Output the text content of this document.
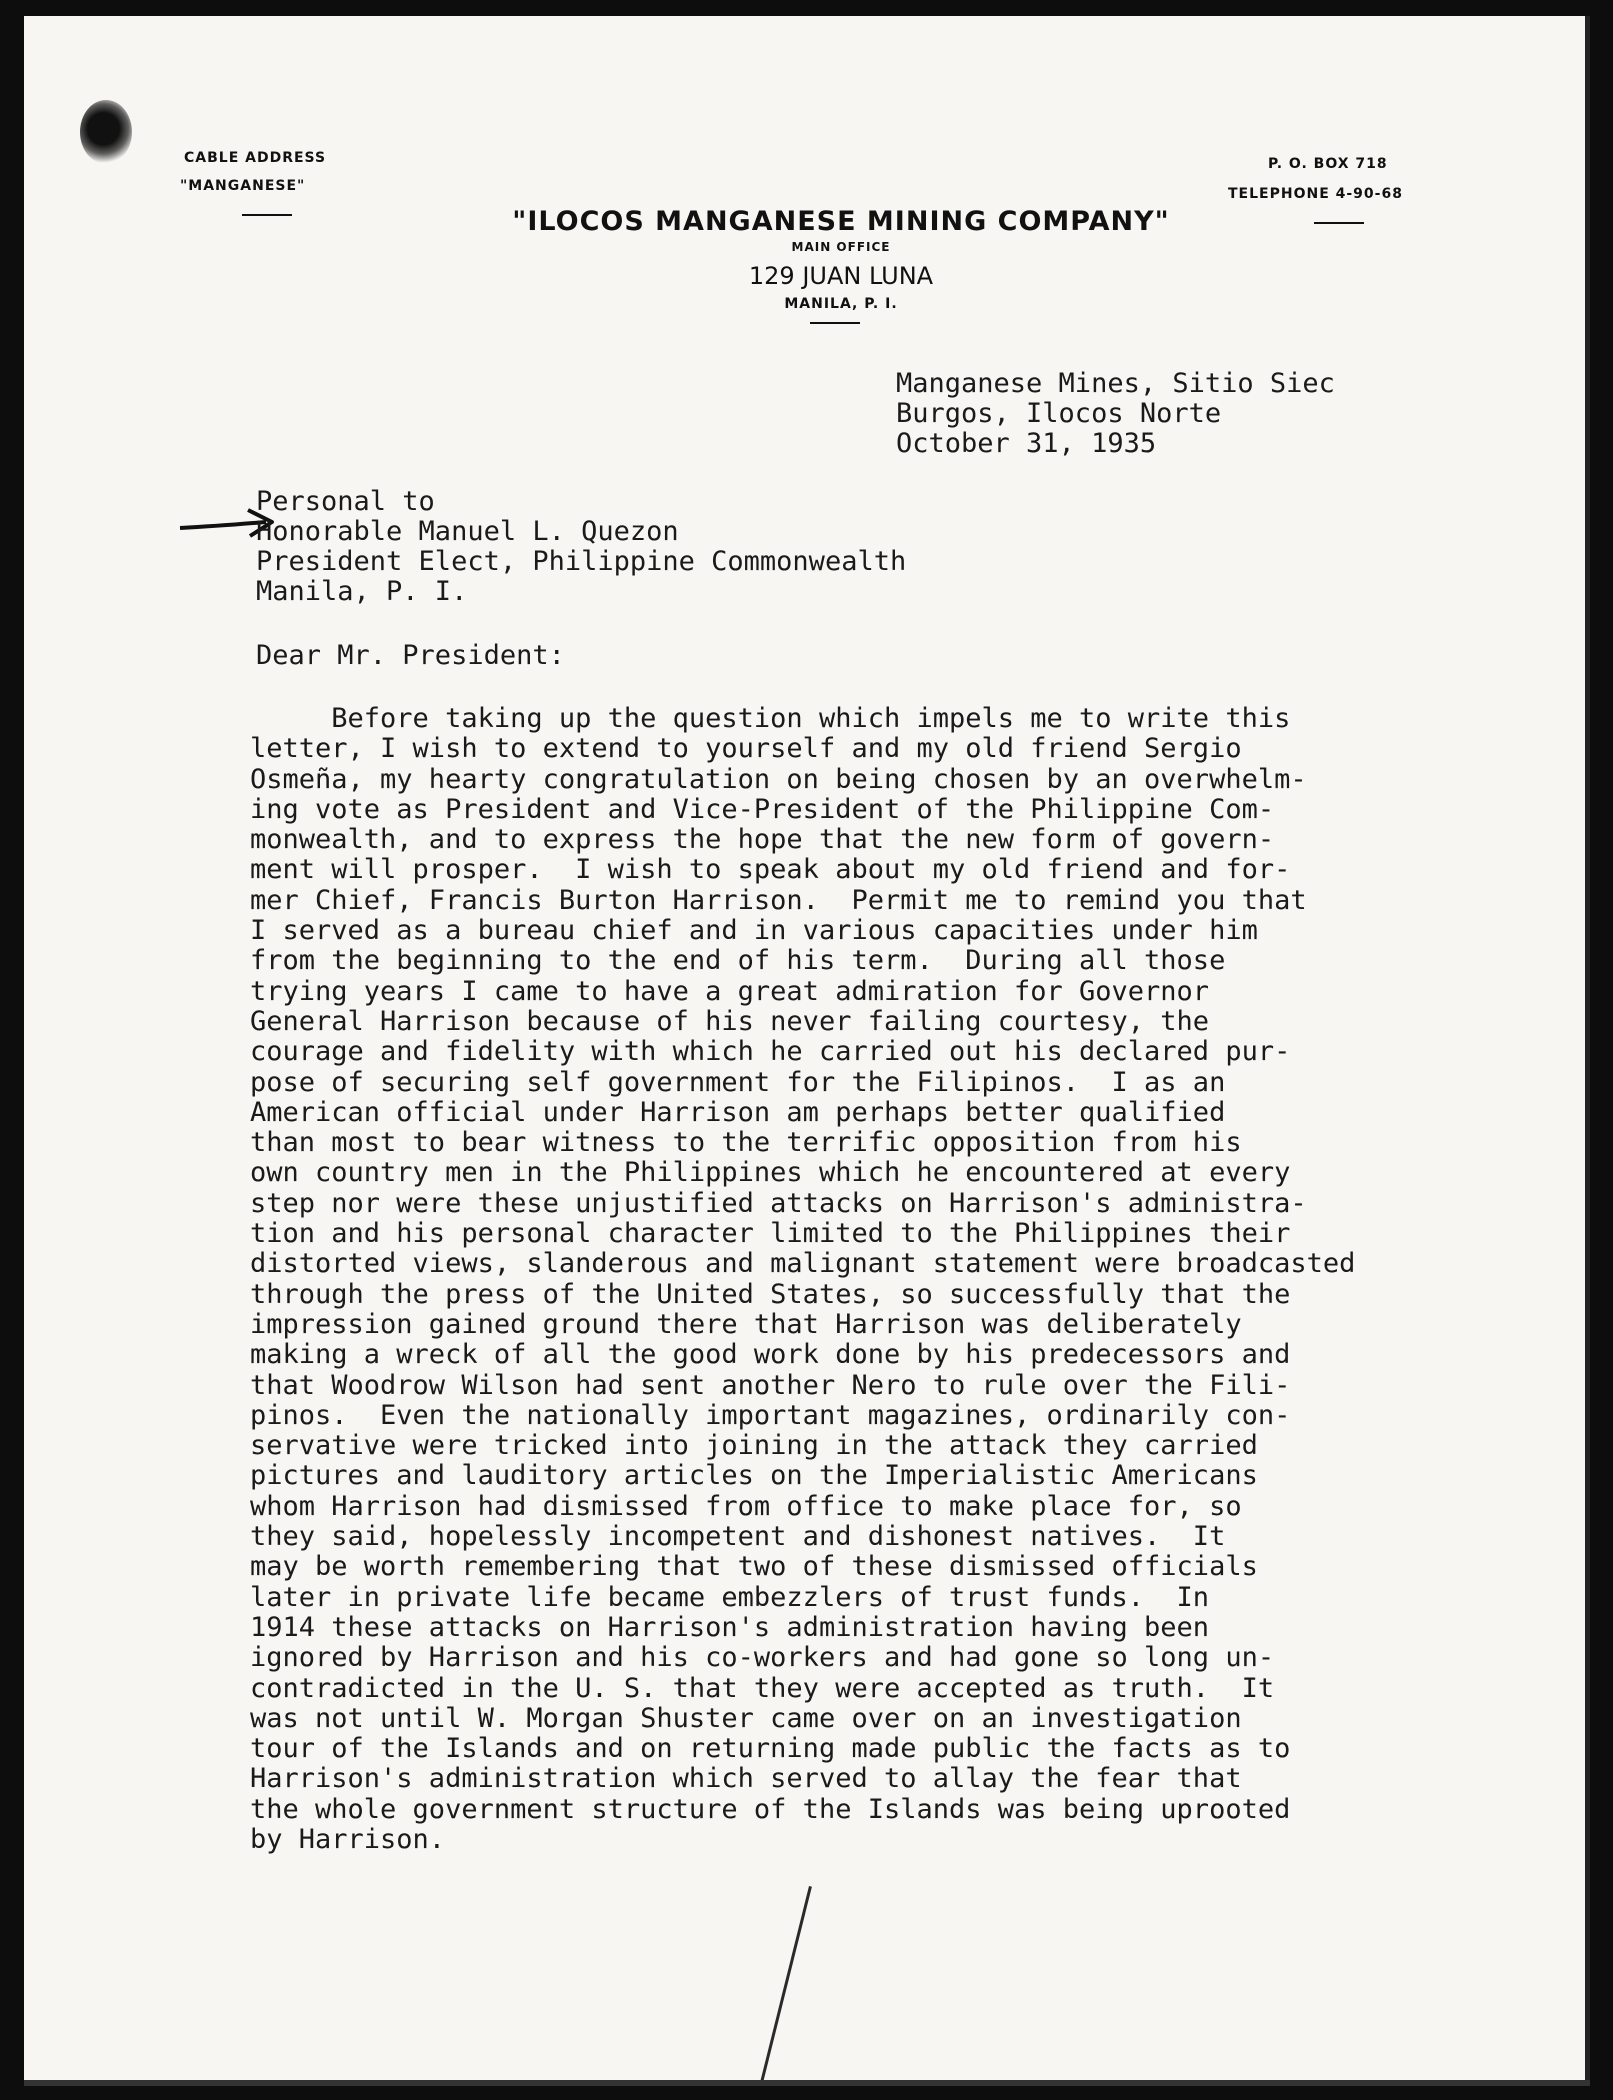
CABLE ADDRESS
"MANGANESE"
"ILOCOS MANGANESE MINING COMPANY"
MAIN OFFICE
129 JUAN LUNA
MANILA, P. I.
P. O. BOX 718
TELEPHONE 4-90-68
Manganese Mines, Sitio Siec
Burgos, Ilocos Norte
October 31, 1935
Personal to
Honorable Manuel L. Quezon
President Elect, Philippine Commonwealth
Manila, P. I.
Dear Mr. President:
Before taking up the question which impels me to write this
letter, I wish to extend to yourself and my old friend Sergio
Osmeña, my hearty congratulation on being chosen by an overwhelm-
ing vote as President and Vice-President of the Philippine Com-
monwealth, and to express the hope that the new form of govern-
ment will prosper.  I wish to speak about my old friend and for-
mer Chief, Francis Burton Harrison.  Permit me to remind you that
I served as a bureau chief and in various capacities under him
from the beginning to the end of his term.  During all those
trying years I came to have a great admiration for Governor
General Harrison because of his never failing courtesy, the
courage and fidelity with which he carried out his declared pur-
pose of securing self government for the Filipinos.  I as an
American official under Harrison am perhaps better qualified
than most to bear witness to the terrific opposition from his
own country men in the Philippines which he encountered at every
step nor were these unjustified attacks on Harrison's administra-
tion and his personal character limited to the Philippines their
distorted views, slanderous and malignant statement were broadcasted
through the press of the United States, so successfully that the
impression gained ground there that Harrison was deliberately
making a wreck of all the good work done by his predecessors and
that Woodrow Wilson had sent another Nero to rule over the Fili-
pinos.  Even the nationally important magazines, ordinarily con-
servative were tricked into joining in the attack they carried
pictures and lauditory articles on the Imperialistic Americans
whom Harrison had dismissed from office to make place for, so
they said, hopelessly incompetent and dishonest natives.  It
may be worth remembering that two of these dismissed officials
later in private life became embezzlers of trust funds.  In
1914 these attacks on Harrison's administration having been
ignored by Harrison and his co-workers and had gone so long un-
contradicted in the U. S. that they were accepted as truth.  It
was not until W. Morgan Shuster came over on an investigation
tour of the Islands and on returning made public the facts as to
Harrison's administration which served to allay the fear that
the whole government structure of the Islands was being uprooted
by Harrison.
